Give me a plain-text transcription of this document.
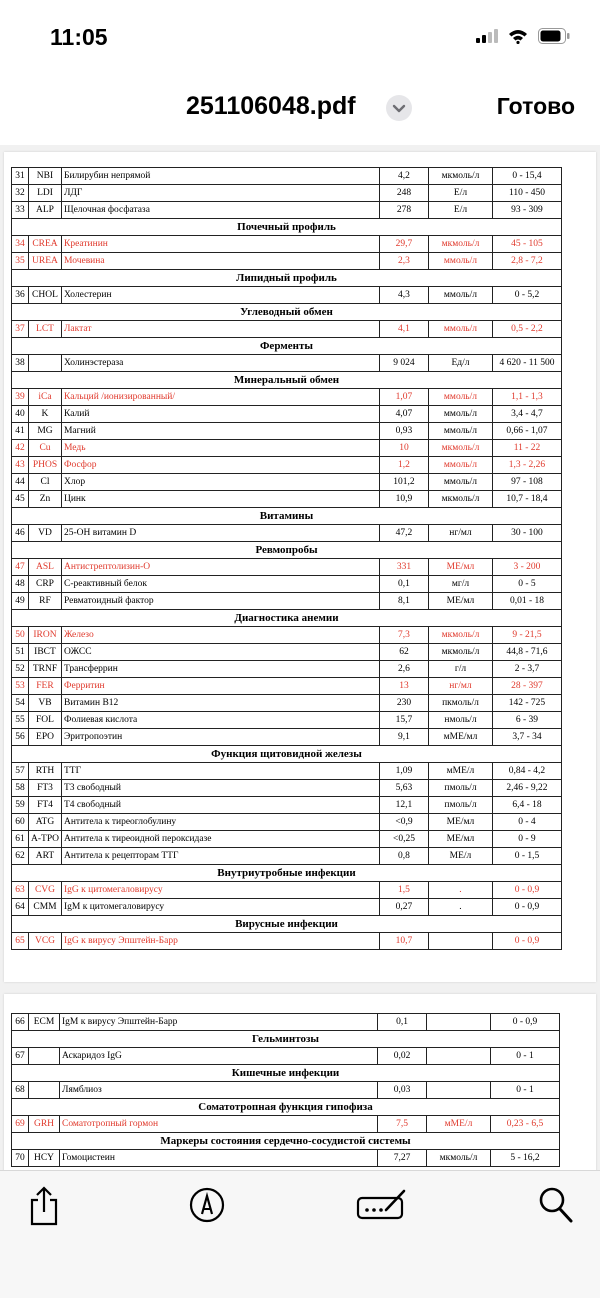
11:05
251106048.pdf	Готово
31	NBI	Билирубин непрямой	4,2	мкмоль/л	0 - 15,4
32	LDI	ЛДГ	248	Е/л	110 - 450
33	ALP	Щелочная фосфатаза	278	Е/л	93 - 309
Почечный профиль					
34	CREA	Креатинин	29,7	мкмоль/л	45 - 105
35	UREA	Мочевина	2,3	ммоль/л	2,8 - 7,2
Липидный профиль					
36	CHOL	Холестерин	4,3	ммоль/л	0 - 5,2
Углеводный обмен					
37	LCT	Лактат	4,1	ммоль/л	0,5 - 2,2
Ферменты					
38		Холинэстераза	9 024	Ед/л	4 620 - 11 500
Минеральный обмен					
39	iCa	Кальций /ионизированный/	1,07	ммоль/л	1,1 - 1,3
40	K	Калий	4,07	ммоль/л	3,4 - 4,7
41	MG	Магний	0,93	ммоль/л	0,66 - 1,07
42	Cu	Медь	10	мкмоль/л	11 - 22
43	PHOS	Фосфор	1,2	ммоль/л	1,3 - 2,26
44	Cl	Хлор	101,2	ммоль/л	97 - 108
45	Zn	Цинк	10,9	мкмоль/л	10,7 - 18,4
Витамины					
46	VD	25-OH витамин D	47,2	нг/мл	30 - 100
Ревмопробы					
47	ASL	Антистрептолизин-О	331	МЕ/мл	3 - 200
48	CRP	С-реактивный белок	0,1	мг/л	0 - 5
49	RF	Ревматоидный фактор	8,1	МЕ/мл	0,01 - 18
Диагностика анемии					
50	IRON	Железо	7,3	мкмоль/л	9 - 21,5
51	IBCT	ОЖСС	62	мкмоль/л	44,8 - 71,6
52	TRNF	Трансферрин	2,6	г/л	2 - 3,7
53	FER	Ферритин	13	нг/мл	28 - 397
54	VB	Витамин B12	230	пкмоль/л	142 - 725
55	FOL	Фолиевая кислота	15,7	нмоль/л	6 - 39
56	EPO	Эритропоэтин	9,1	мМЕ/мл	3,7 - 34
Функция щитовидной железы					
57	RTH	ТТГ	1,09	мМЕ/л	0,84 - 4,2
58	FT3	Т3 свободный	5,63	пмоль/л	2,46 - 9,22
59	FT4	Т4 свободный	12,1	пмоль/л	6,4 - 18
60	ATG	Антитела к тиреоглобулину	<0,9	МЕ/мл	0 - 4
61	A-TPO	Антитела к тиреоидной пероксидазе	<0,25	МЕ/мл	0 - 9
62	ART	Антитела к рецепторам ТТГ	0,8	МЕ/л	0 - 1,5
Внутриутробные инфекции					
63	CVG	IgG к цитомегаловирусу	1,5	.	0 - 0,9
64	CMM	IgM к цитомегаловирусу	0,27	.	0 - 0,9
Вирусные инфекции					
65	VCG	IgG к вирусу Эпштейн-Барр	10,7		0 - 0,9
66	ECM	IgM к вирусу Эпштейн-Барр	0,1		0 - 0,9
Гельминтозы					
67		Аскаридоз IgG	0,02		0 - 1
Кишечные инфекции					
68		Лямблиоз	0,03		0 - 1
Соматотропная функция гипофиза					
69	GRH	Соматотропный гормон	7,5	мМЕ/л	0,23 - 6,5
Маркеры состояния сердечно-сосудистой системы					
70	HCY	Гомоцистеин	7,27	мкмоль/л	5 - 16,2
